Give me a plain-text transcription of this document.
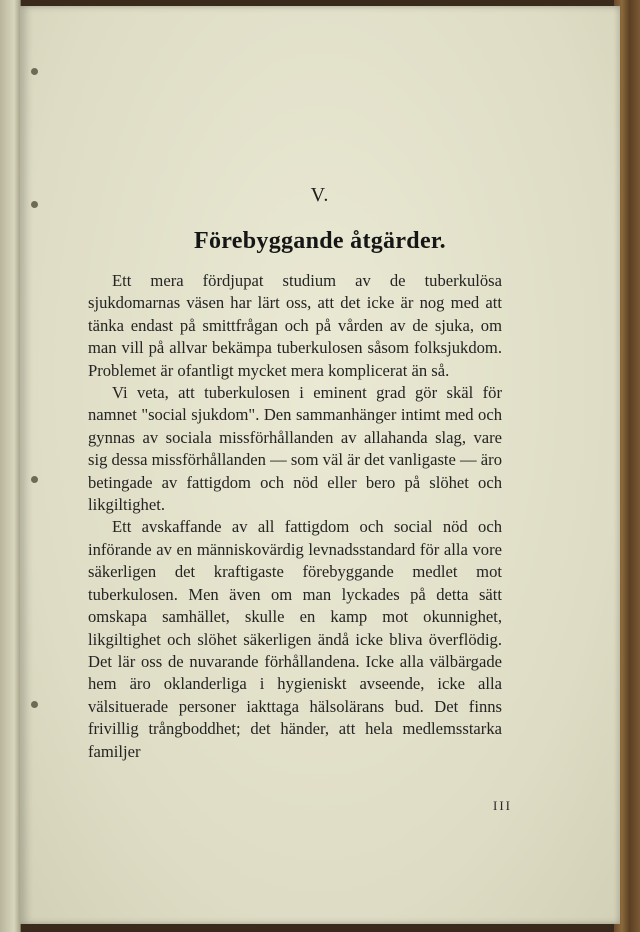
V.
Förebyggande åtgärder.

Ett mera fördjupat studium av de tuberkulösa sjukdomarnas väsen har lärt oss, att det icke är nog med att tänka endast på smittfrågan och på vården av de sjuka, om man vill på allvar bekämpa tuberkulosen såsom folksjukdom. Problemet är ofantligt mycket mera komplicerat än så.

Vi veta, att tuberkulosen i eminent grad gör skäl för namnet "social sjukdom". Den sammanhänger intimt med och gynnas av sociala missförhållanden av allahanda slag, vare sig dessa missförhållanden — som väl är det vanligaste — äro betingade av fattigdom och nöd eller bero på slöhet och likgiltighet.

Ett avskaffande av all fattigdom och social nöd och införande av en människovärdig levnadsstandard för alla vore säkerligen det kraftigaste förebyggande medlet mot tuberkulosen. Men även om man lyckades på detta sätt omskapa samhället, skulle en kamp mot okunnighet, likgiltighet och slöhet säkerligen ändå icke bliva överflödig. Det lär oss de nuvarande förhållandena. Icke alla välbärgade hem äro oklanderliga i hygieniskt avseende, icke alla välsituerade personer iakttaga hälsolärans bud. Det finns frivillig trångboddhet; det händer, att hela medlemsstarka familjer

III
